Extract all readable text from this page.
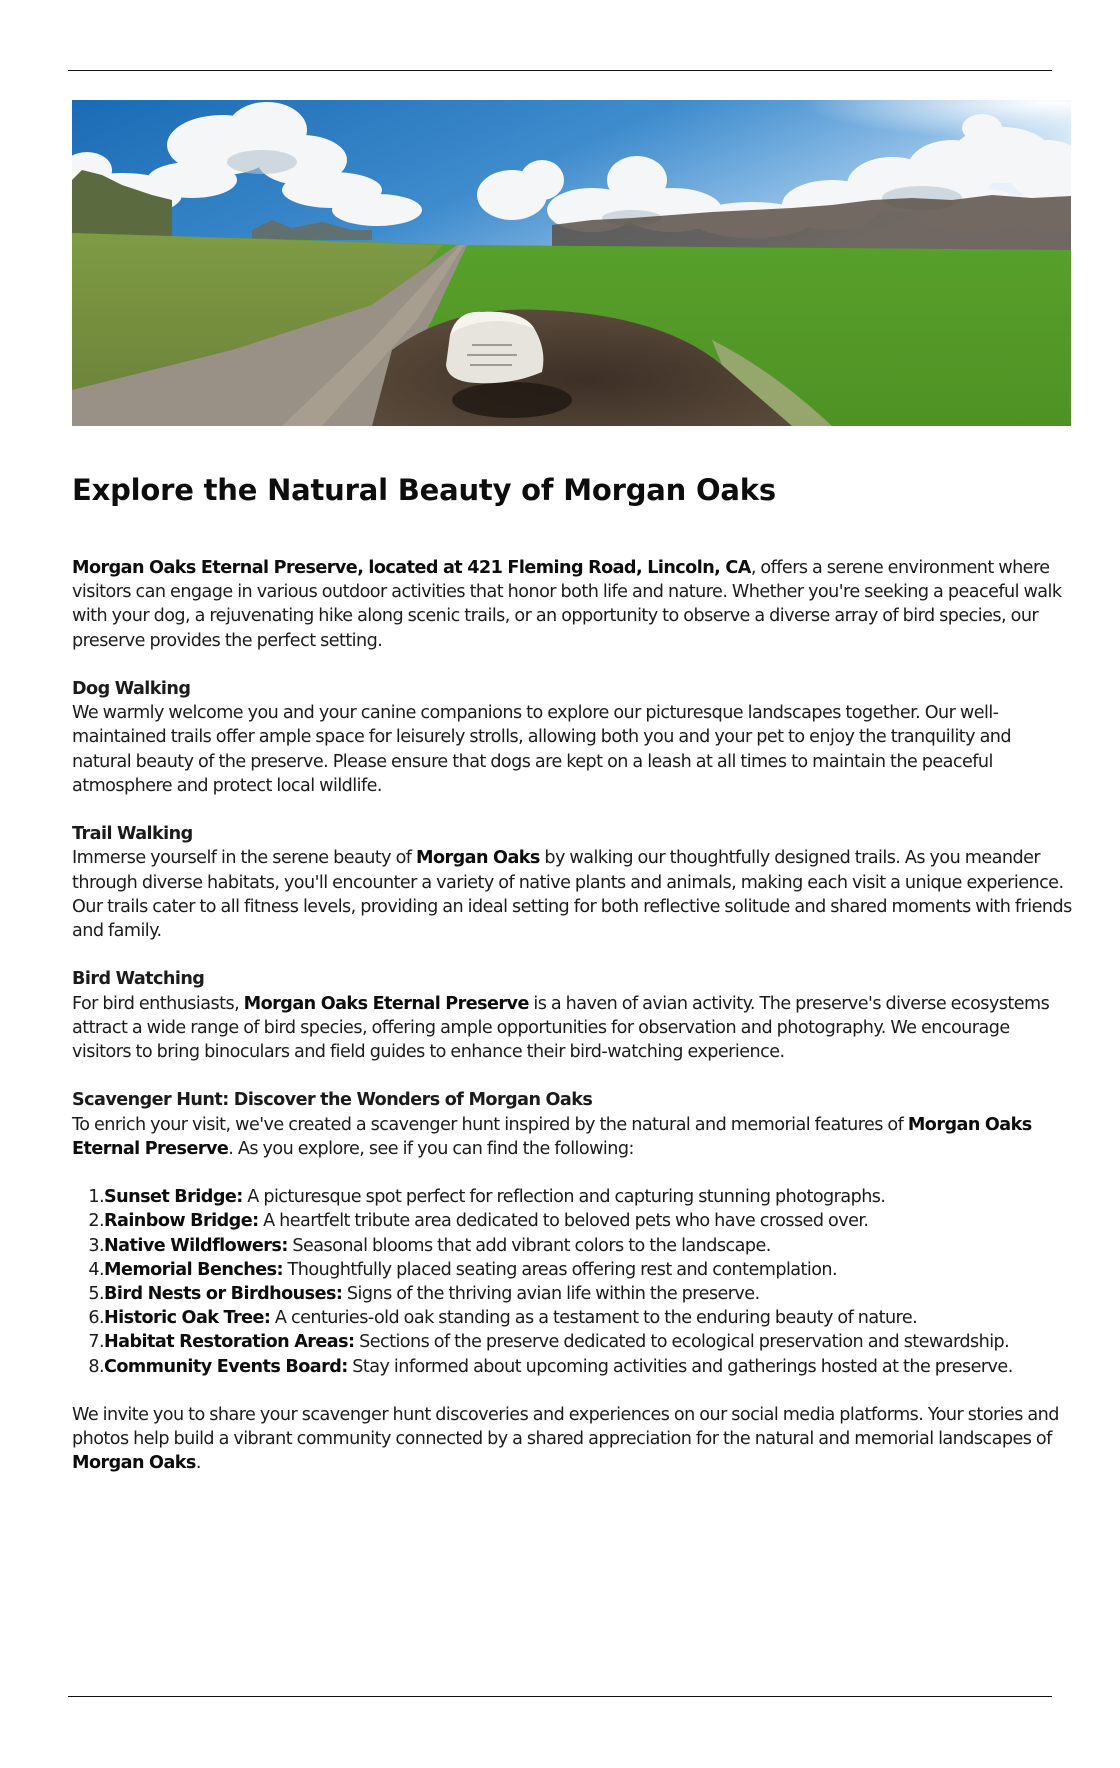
Explore the Natural Beauty of Morgan Oaks

Morgan Oaks Eternal Preserve, located at 421 Fleming Road, Lincoln, CA, offers a serene environment where visitors can engage in various outdoor activities that honor both life and nature. Whether you're seeking a peaceful walk with your dog, a rejuvenating hike along scenic trails, or an opportunity to observe a diverse array of bird species, our preserve provides the perfect setting.

Dog Walking
We warmly welcome you and your canine companions to explore our picturesque landscapes together. Our well-maintained trails offer ample space for leisurely strolls, allowing both you and your pet to enjoy the tranquility and natural beauty of the preserve. Please ensure that dogs are kept on a leash at all times to maintain the peaceful atmosphere and protect local wildlife.

Trail Walking
Immerse yourself in the serene beauty of Morgan Oaks by walking our thoughtfully designed trails. As you meander through diverse habitats, you'll encounter a variety of native plants and animals, making each visit a unique experience. Our trails cater to all fitness levels, providing an ideal setting for both reflective solitude and shared moments with friends and family.

Bird Watching
For bird enthusiasts, Morgan Oaks Eternal Preserve is a haven of avian activity. The preserve's diverse ecosystems attract a wide range of bird species, offering ample opportunities for observation and photography. We encourage visitors to bring binoculars and field guides to enhance their bird-watching experience.

Scavenger Hunt: Discover the Wonders of Morgan Oaks
To enrich your visit, we've created a scavenger hunt inspired by the natural and memorial features of Morgan Oaks Eternal Preserve. As you explore, see if you can find the following:

1. Sunset Bridge: A picturesque spot perfect for reflection and capturing stunning photographs.
2. Rainbow Bridge: A heartfelt tribute area dedicated to beloved pets who have crossed over.
3. Native Wildflowers: Seasonal blooms that add vibrant colors to the landscape.
4. Memorial Benches: Thoughtfully placed seating areas offering rest and contemplation.
5. Bird Nests or Birdhouses: Signs of the thriving avian life within the preserve.
6. Historic Oak Tree: A centuries-old oak standing as a testament to the enduring beauty of nature.
7. Habitat Restoration Areas: Sections of the preserve dedicated to ecological preservation and stewardship.
8. Community Events Board: Stay informed about upcoming activities and gatherings hosted at the preserve.

We invite you to share your scavenger hunt discoveries and experiences on our social media platforms. Your stories and photos help build a vibrant community connected by a shared appreciation for the natural and memorial landscapes of Morgan Oaks.
